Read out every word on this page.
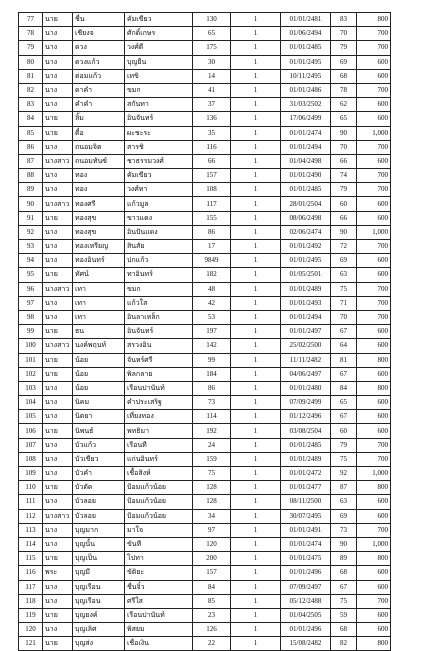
77	นาย	ชื่น	คัมเขียว	130	1	01/01/2481	83	800
78	นาง	เชียงจ	ศักดิ์เกษร	65	1	01/06/2494	70	700
79	นาง	ดวง	วงศ์ดี	175	1	01/01/2485	79	700
80	นาง	ดวงแก้ว	บุญยืน	30	1	01/01/2495	69	600
81	นาง	ต่อมแก้ว	เทขิ	14	1	10/11/2495	68	600
82	นาง	ดาคำ	ขมก	41	1	01/01/2486	78	700
83	นาง	คำคำ	สกันทา	37	1	31/03/2502	62	600
84	นาย	ลิ้ม	อินจันทร์	136	1	17/06/2499	65	600
85	นาย	ตื๋อ	ผะชะระ	35	1	01/01/2474	90	1,000
86	นาง	ถนอมจิต	สารชิ	116	1	01/01/2494	70	700
87	นางสาว	ถนอมทันซ์	ชาธรรมวงศ์	66	1	01/04/2498	66	600
88	นาง	ทอง	คัมเขียว	157	1	01/01/2490	74	700
89	นาง	ทอง	วงศ์ทา	108	1	01/01/2485	79	700
90	นางสาว	ทองศรี	แก้วมูล	117	1	28/01/2504	60	600
91	นาย	ทองสุข	ขาวแดง	155	1	08/06/2498	66	600
92	นาง	ทองสุข	อินปันแดง	86	1	02/06/2474	90	1,000
93	นาง	ทองเหรียญ	สินสัย	17	1	01/01/2492	72	700
94	นาง	ทองอินทร์	ปกแก้ว	9849	1	01/01/2495	69	600
95	นาย	ทัศน์	ทาอินทร์	182	1	01/05/2501	63	600
96	นางสาว	เทา	ขมก	48	1	01/01/2489	75	700
97	นาง	เทา	แก้วใส	42	1	01/01/2493	71	700
98	นาง	เทา	อินลาเหล็ก	53	1	01/01/2494	70	700
99	นาย	ธน	อินจันทร์	197	1	01/01/2497	67	600
100	นางสาว	นงค์พฤนท์	สรวงอิน	142	1	25/02/2500	64	600
101	นาย	น้อย	จันทร์ศรี	99	1	11/11/2482	81	800
102	นาย	น้อย	พิลกลาย	184	1	04/06/2497	67	600
103	นาง	น้อย	เรือนปานันท์	86	1	01/01/2480	84	800
104	นาง	นิคม	คำประเสริฐ	73	1	07/09/2499	65	600
105	นาง	นิตยา	เที่ยงทอง	114	1	01/12/2496	67	600
106	นาย	นิพนธ์	พทธิมา	192	1	03/08/2504	60	600
107	นาง	บัวแก้ว	เรือนที	24	1	01/01/2485	79	700
108	นาง	บัวเขียว	แก่นอินทร์	159	1	01/01/2489	75	700
109	นาง	บัวคำ	เชื้อสิงห์	75	1	01/01/2472	92	1,000
110	นาย	บัวตัด	ป้อมแก้วน้อย	128	1	01/01/2477	87	800
111	นาง	บัวลอย	ป้อมแก้วน้อย	128	1	08/11/2500	63	600
112	นางสาว	บัวลอย	ป้อมแก้วน้อย	34	1	30/07/2495	69	600
113	นาง	บุญมาก	มาใจ	97	1	01/01/2491	73	700
114	นาง	บุญนั้น	ขันที	120	1	01/01/2474	90	1,000
115	นาย	บุญเป็น	โปทา	200	1	01/01/2475	89	800
116	พระ	บุญมี	ขัติยะ	157	1	01/01/2496	68	600
117	นาง	บุญเรือน	ชื่นจิ๋ว	84	1	07/09/2497	67	600
118	นาง	บุญเรือน	ศรีใส	85	1	05/12/2488	75	700
119	นาย	บุญยงค์	เรือนปานันท์	23	1	01/04/2505	59	600
120	นาง	บุญเลิศ	พิสยม	126	1	01/01/2496	68	600
121	นาย	บุญส่ง	เชื่อเงิน	22	1	15/08/2482	82	800
